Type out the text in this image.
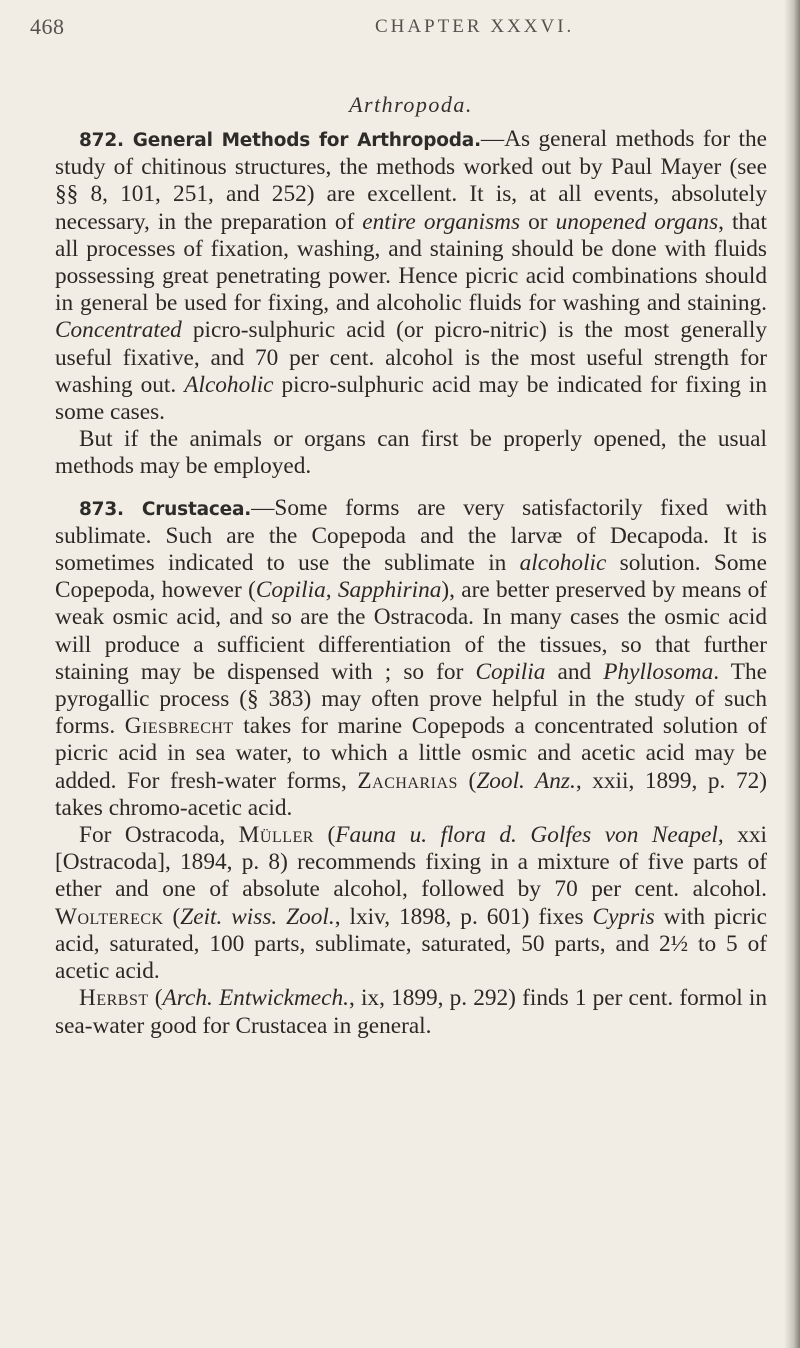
468	CHAPTER XXXVI.
Arthropoda.

872. General Methods for Arthropoda.—As general methods for the study of chitinous structures, the methods worked out by Paul Mayer (see §§ 8, 101, 251, and 252) are excellent. It is, at all events, absolutely necessary, in the preparation of entire organisms or unopened organs, that all processes of fixation, washing, and staining should be done with fluids possessing great penetrating power. Hence picric acid combinations should in general be used for fixing, and alcoholic fluids for washing and staining. Concentrated picro-sulphuric acid (or picro-nitric) is the most generally useful fixative, and 70 per cent. alcohol is the most useful strength for washing out. Alcoholic picro-sulphuric acid may be indicated for fixing in some cases.

But if the animals or organs can first be properly opened, the usual methods may be employed.

873. Crustacea.—Some forms are very satisfactorily fixed with sublimate. Such are the Copepoda and the larvæ of Decapoda. It is sometimes indicated to use the sublimate in alcoholic solution. Some Copepoda, however (Copilia, Sapphirina), are better preserved by means of weak osmic acid, and so are the Ostracoda. In many cases the osmic acid will produce a sufficient differentiation of the tissues, so that further staining may be dispensed with ; so for Copilia and Phyllosoma. The pyrogallic process (§ 383) may often prove helpful in the study of such forms. Giesbrecht takes for marine Copepods a concentrated solution of picric acid in sea water, to which a little osmic and acetic acid may be added. For fresh-water forms, Zacharias (Zool. Anz., xxii, 1899, p. 72) takes chromo-acetic acid.

For Ostracoda, Müller (Fauna u. flora d. Golfes von Neapel, xxi [Ostracoda], 1894, p. 8) recommends fixing in a mixture of five parts of ether and one of absolute alcohol, followed by 70 per cent. alcohol. Woltereck (Zeit. wiss. Zool., lxiv, 1898, p. 601) fixes Cypris with picric acid, saturated, 100 parts, sublimate, saturated, 50 parts, and 2½ to 5 of acetic acid.

Herbst (Arch. Entwickmech., ix, 1899, p. 292) finds 1 per cent. formol in sea-water good for Crustacea in general.
